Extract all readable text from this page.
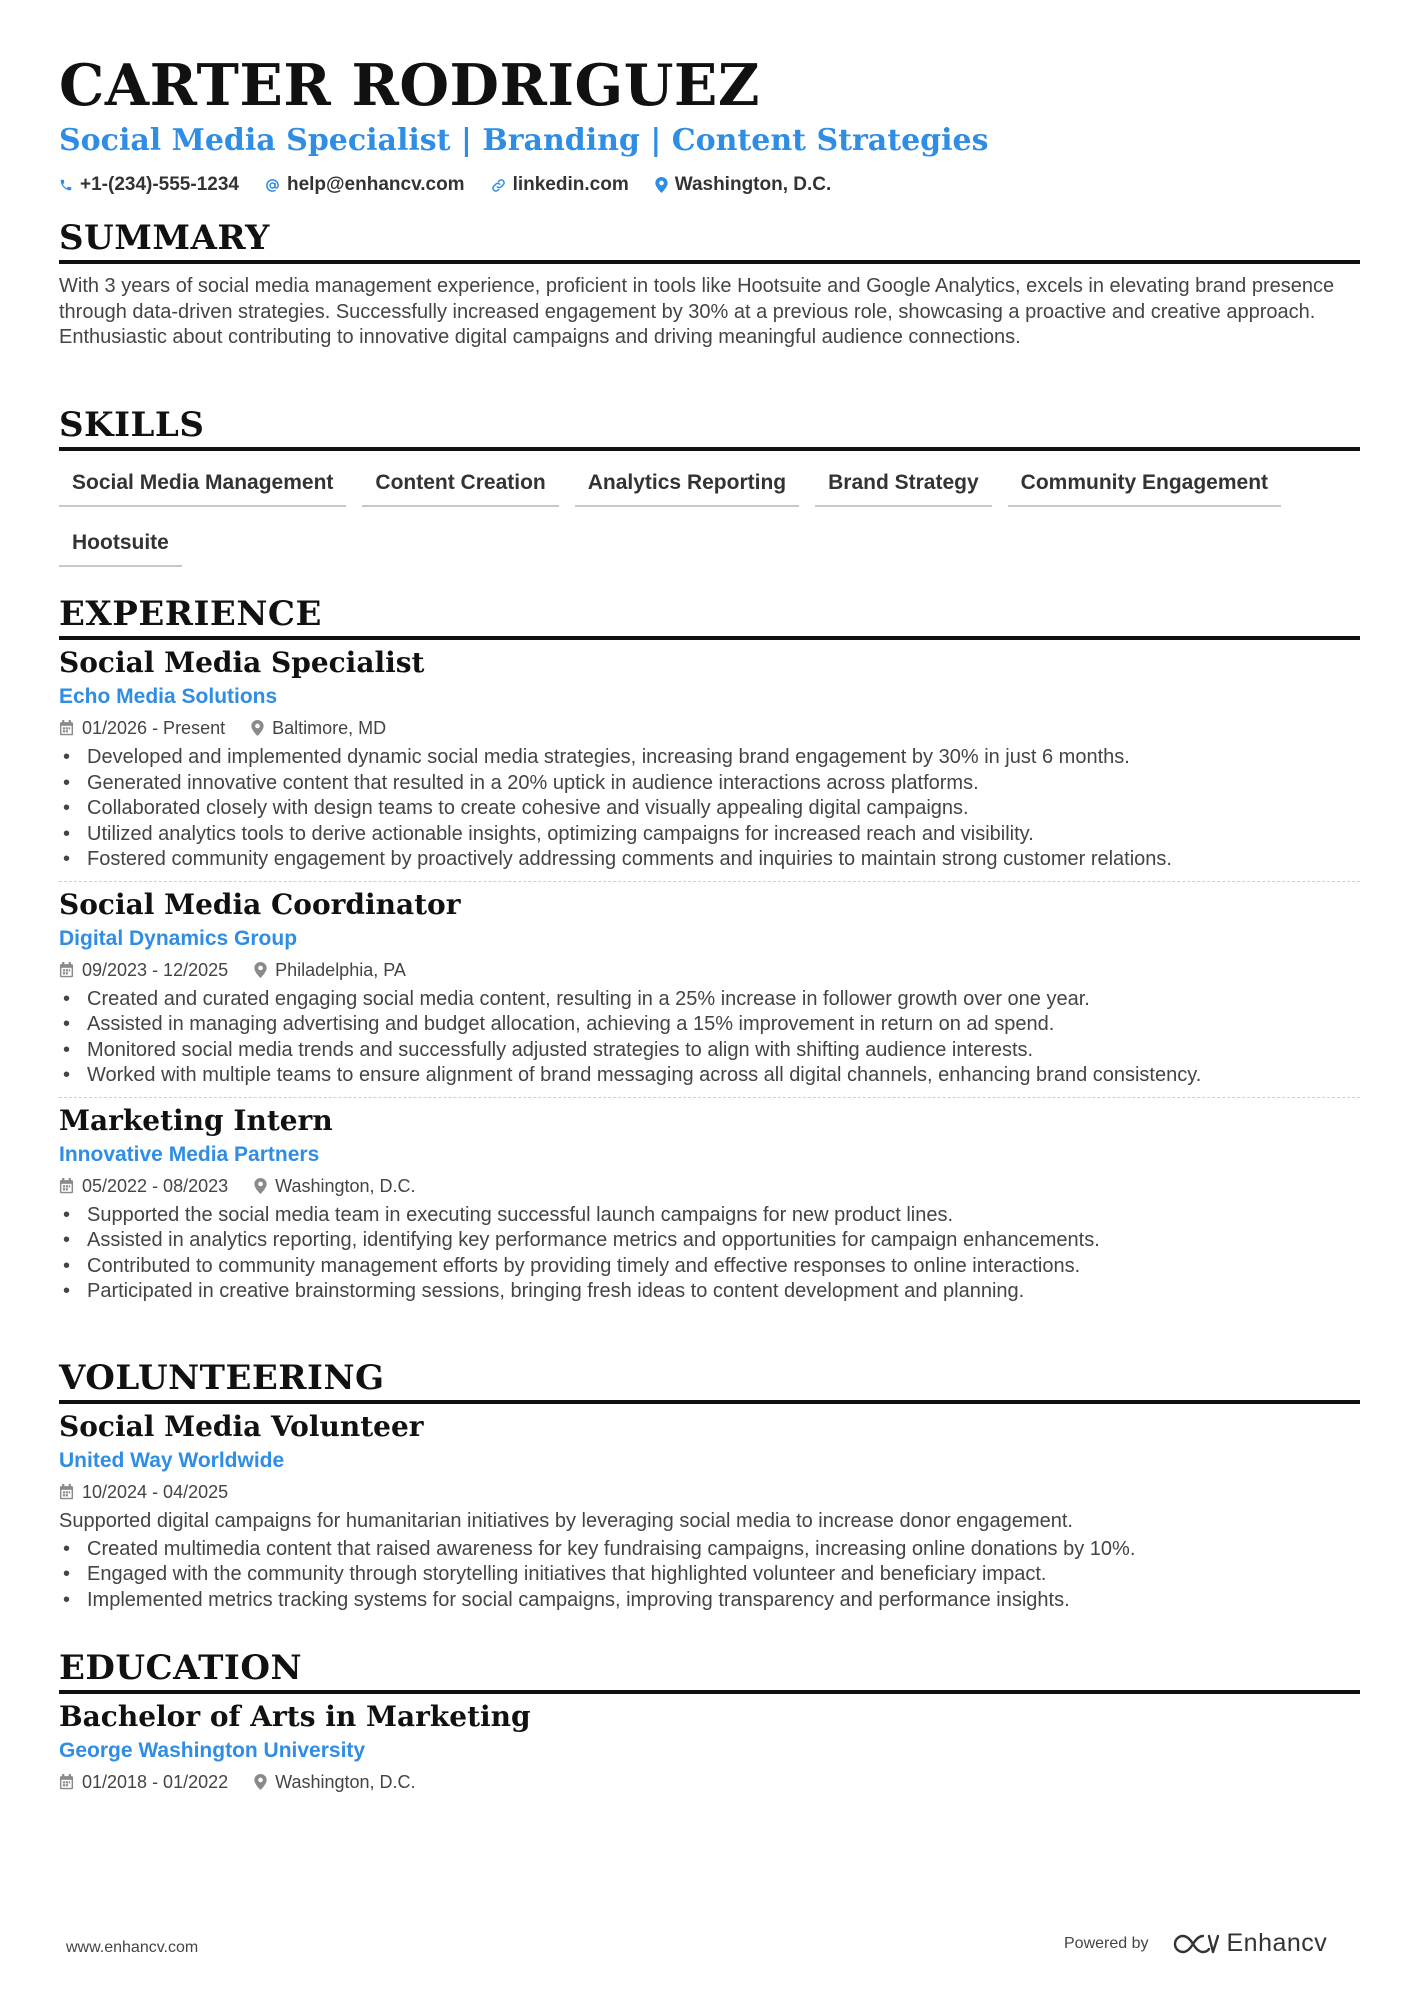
CARTER RODRIGUEZ
Social Media Specialist | Branding | Content Strategies
+1-(234)-555-1234	help@enhancv.com	linkedin.com Washington, D.C.
SUMMARY

With 3 years of social media management experience, proficient in tools like Hootsuite and Google Analytics, excels in elevating brand presence through data-driven strategies. Successfully increased engagement by 30% at a previous role, showcasing a proactive and creative approach. Enthusiastic about contributing to innovative digital campaigns and driving meaningful audience connections.

SKILLS
Social Media Management	Content Creation	Analytics Reporting	Brand Strategy	Community Engagement
Hootsuite
EXPERIENCE
Social Media Specialist
Echo Media Solutions
01/2026 - Present	Baltimore, MD
• Developed and implemented dynamic social media strategies, increasing brand engagement by 30% in just 6 months.
• Generated innovative content that resulted in a 20% uptick in audience interactions across platforms.
• Collaborated closely with design teams to create cohesive and visually appealing digital campaigns.
• Utilized analytics tools to derive actionable insights, optimizing campaigns for increased reach and visibility.
• Fostered community engagement by proactively addressing comments and inquiries to maintain strong customer relations.
Social Media Coordinator
Digital Dynamics Group
09/2023 - 12/2025	Philadelphia, PA
• Created and curated engaging social media content, resulting in a 25% increase in follower growth over one year.
• Assisted in managing advertising and budget allocation, achieving a 15% improvement in return on ad spend.
• Monitored social media trends and successfully adjusted strategies to align with shifting audience interests.
• Worked with multiple teams to ensure alignment of brand messaging across all digital channels, enhancing brand consistency.
Marketing Intern
Innovative Media Partners
05/2022 - 08/2023	Washington, D.C.
• Supported the social media team in executing successful launch campaigns for new product lines.
• Assisted in analytics reporting, identifying key performance metrics and opportunities for campaign enhancements.
• Contributed to community management efforts by providing timely and effective responses to online interactions.
• Participated in creative brainstorming sessions, bringing fresh ideas to content development and planning.
VOLUNTEERING
Social Media Volunteer
United Way Worldwide
10/2024 - 04/2025

Supported digital campaigns for humanitarian initiatives by leveraging social media to increase donor engagement.

• Created multimedia content that raised awareness for key fundraising campaigns, increasing online donations by 10%.
• Engaged with the community through storytelling initiatives that highlighted volunteer and beneficiary impact.
• Implemented metrics tracking systems for social campaigns, improving transparency and performance insights.
EDUCATION
Bachelor of Arts in Marketing
George Washington University
01/2018 - 01/2022	Washington, D.C.
www.enhancv.com	Powered by	Enhancv
